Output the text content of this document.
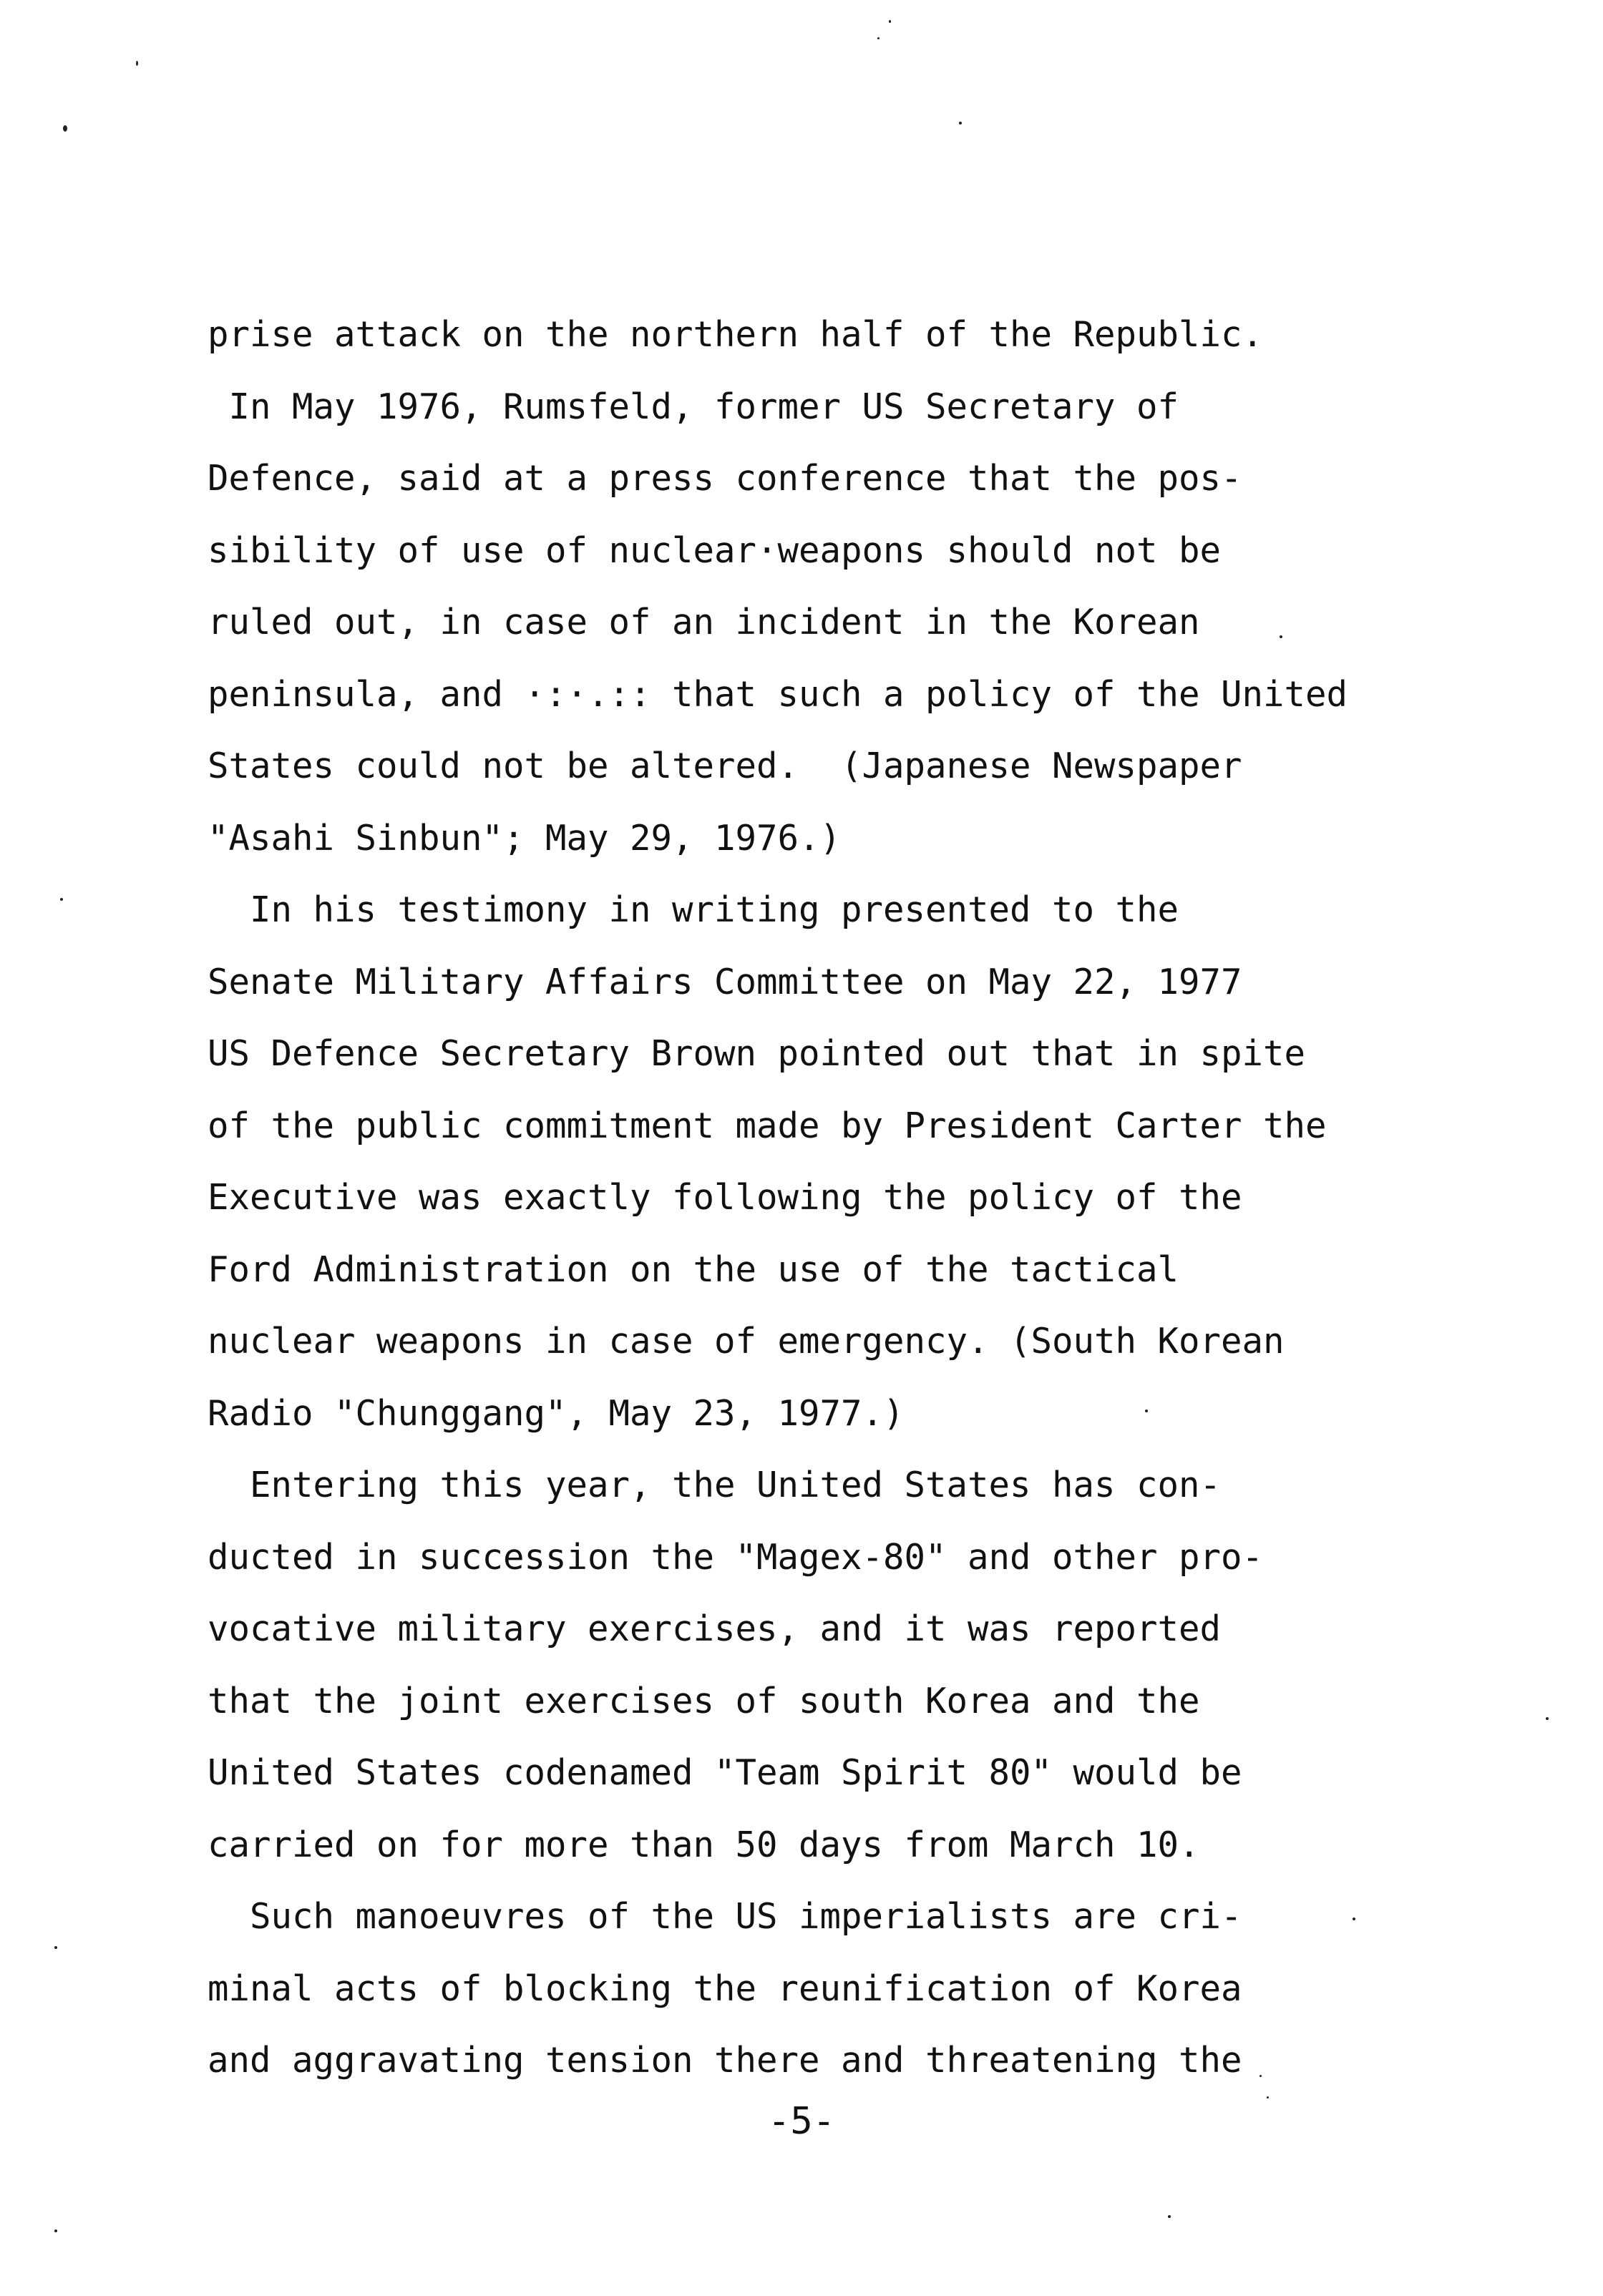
prise attack on the northern half of the Republic.
In May 1976, Rumsfeld, former US Secretary of
Defence, said at a press conference that the pos-
sibility of use of nuclear·weapons should not be
ruled out, in case of an incident in the Korean
peninsula, and ·:·.:: that such a policy of the United
States could not be altered.  (Japanese Newspaper
"Asahi Sinbun"; May 29, 1976.)
In his testimony in writing presented to the
Senate Military Affairs Committee on May 22, 1977
US Defence Secretary Brown pointed out that in spite
of the public commitment made by President Carter the
Executive was exactly following the policy of the
Ford Administration on the use of the tactical
nuclear weapons in case of emergency. (South Korean
Radio "Chunggang", May 23, 1977.)
Entering this year, the United States has con-
ducted in succession the "Magex-80" and other pro-
vocative military exercises, and it was reported
that the joint exercises of south Korea and the
United States codenamed "Team Spirit 80" would be
carried on for more than 50 days from March 10.
Such manoeuvres of the US imperialists are cri-
minal acts of blocking the reunification of Korea
and aggravating tension there and threatening the
-5-
